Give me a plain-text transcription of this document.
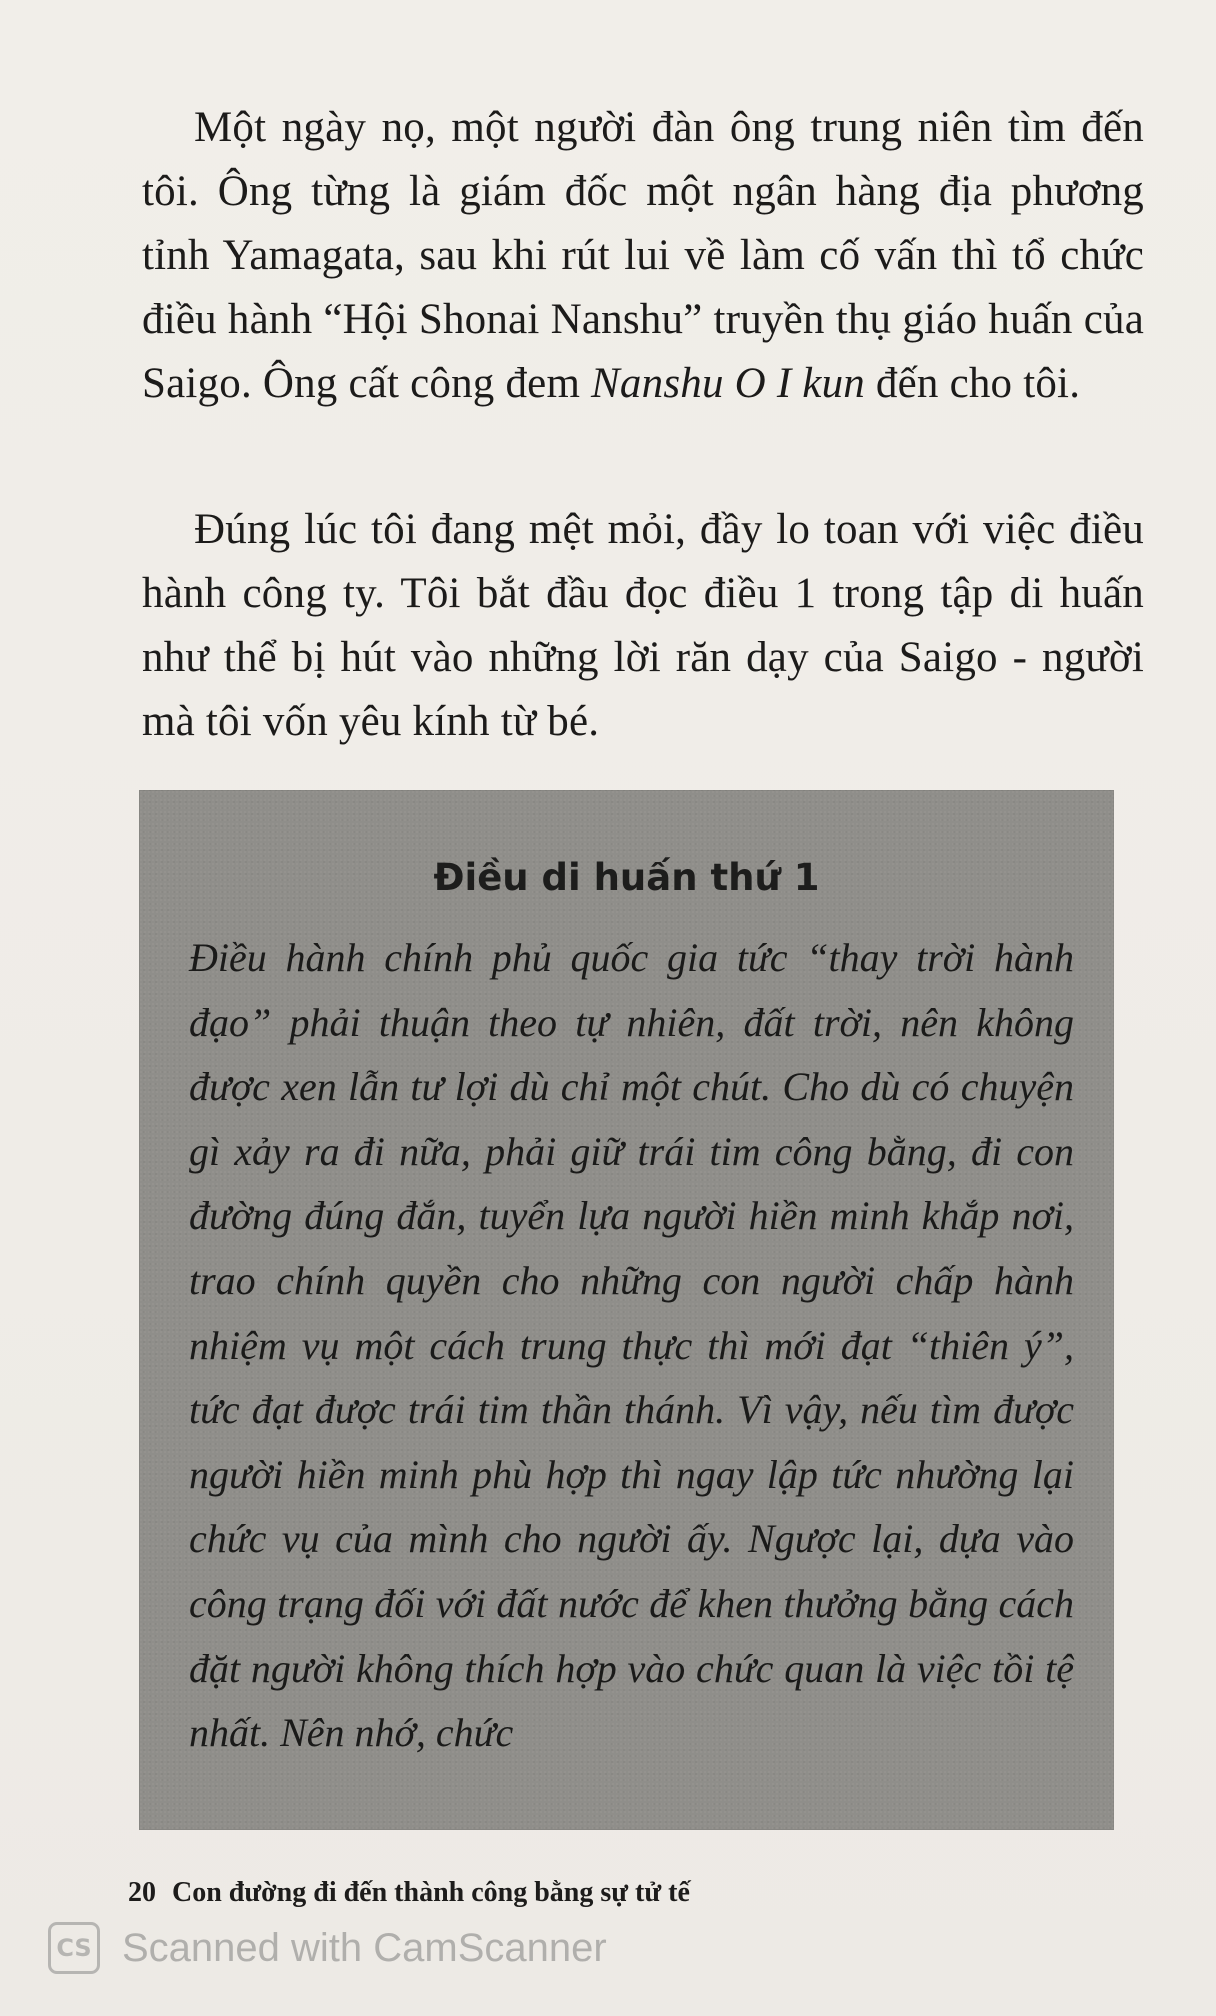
Một ngày nọ, một người đàn ông trung niên tìm đến tôi. Ông từng là giám đốc một ngân hàng địa phương tỉnh Yamagata, sau khi rút lui về làm cố vấn thì tổ chức điều hành “Hội Shonai Nanshu” truyền thụ giáo huấn của Saigo. Ông cất công đem Nanshu O I kun đến cho tôi.

Đúng lúc tôi đang mệt mỏi, đầy lo toan với việc điều hành công ty. Tôi bắt đầu đọc điều 1 trong tập di huấn như thể bị hút vào những lời răn dạy của Saigo - người mà tôi vốn yêu kính từ bé.

Điều di huấn thứ 1

Điều hành chính phủ quốc gia tức “thay trời hành đạo” phải thuận theo tự nhiên, đất trời, nên không được xen lẫn tư lợi dù chỉ một chút. Cho dù có chuyện gì xảy ra đi nữa, phải giữ trái tim công bằng, đi con đường đúng đắn, tuyển lựa người hiền minh khắp nơi, trao chính quyền cho những con người chấp hành nhiệm vụ một cách trung thực thì mới đạt “thiên ý”, tức đạt được trái tim thần thánh. Vì vậy, nếu tìm được người hiền minh phù hợp thì ngay lập tức nhường lại chức vụ của mình cho người ấy. Ngược lại, dựa vào công trạng đối với đất nước để khen thưởng bằng cách đặt người không thích hợp vào chức quan là việc tồi tệ nhất. Nên nhớ, chức

20 Con đường đi đến thành công bằng sự tử tế
CS Scanned with CamScanner
